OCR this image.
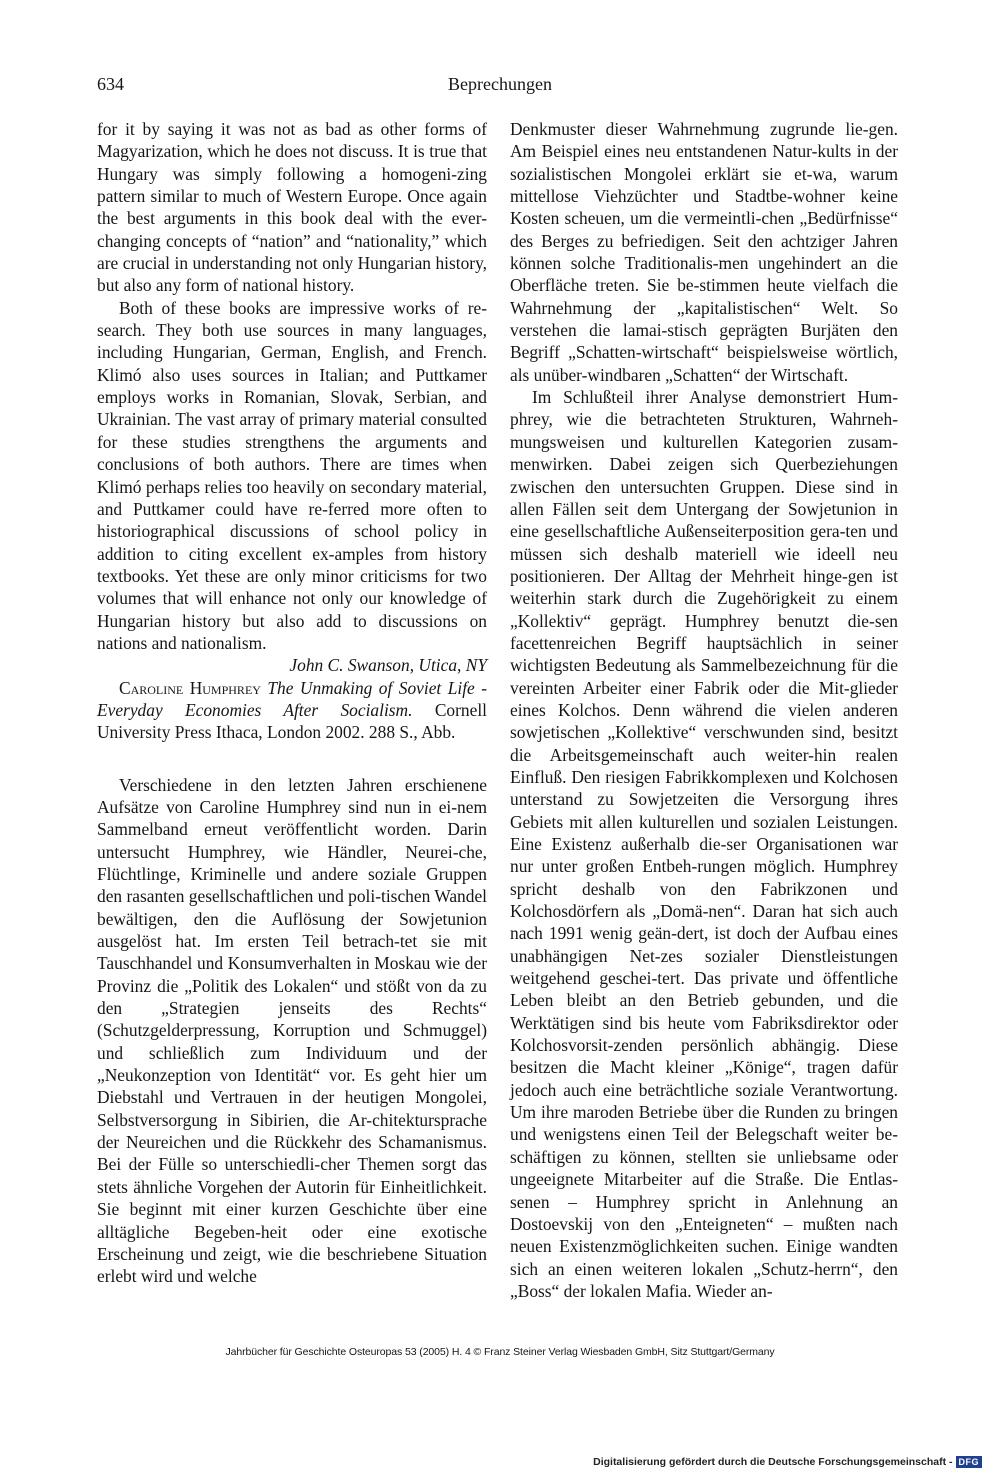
634	Beprechungen

for it by saying it was not as bad as other forms of Magyarization, which he does not discuss. It is true that Hungary was simply following a homogeni-zing pattern similar to much of Western Europe. Once again the best arguments in this book deal with the ever-changing concepts of “nation” and “nationality,” which are crucial in understanding not only Hungarian history, but also any form of national history.

Both of these books are impressive works of re-search. They both use sources in many languages, including Hungarian, German, English, and French. Klimó also uses sources in Italian; and Puttkamer employs works in Romanian, Slovak, Serbian, and Ukrainian. The vast array of primary material consulted for these studies strengthens the arguments and conclusions of both authors. There are times when Klimó perhaps relies too heavily on secondary material, and Puttkamer could have re-ferred more often to historiographical discussions of school policy in addition to citing excellent ex-amples from history textbooks. Yet these are only minor criticisms for two volumes that will enhance not only our knowledge of Hungarian history but also add to discussions on nations and nationalism.

John C. Swanson, Utica, NY

Caroline Humphrey The Unmaking of Soviet Life - Everyday Economies After Socialism. Cornell University Press Ithaca, London 2002. 288 S., Abb.

Verschiedene in den letzten Jahren erschienene Aufsätze von Caroline Humphrey sind nun in ei-nem Sammelband erneut veröffentlicht worden. Darin untersucht Humphrey, wie Händler, Neurei-che, Flüchtlinge, Kriminelle und andere soziale Gruppen den rasanten gesellschaftlichen und poli-tischen Wandel bewältigen, den die Auflösung der Sowjetunion ausgelöst hat. Im ersten Teil betrach-tet sie mit Tauschhandel und Konsumverhalten in Moskau wie der Provinz die „Politik des Lokalen“ und stößt von da zu den „Strategien jenseits des Rechts“ (Schutzgelderpressung, Korruption und Schmuggel) und schließlich zum Individuum und der „Neukonzeption von Identität“ vor. Es geht hier um Diebstahl und Vertrauen in der heutigen Mongolei, Selbstversorgung in Sibirien, die Ar-chitektursprache der Neureichen und die Rückkehr des Schamanismus. Bei der Fülle so unterschiedli-cher Themen sorgt das stets ähnliche Vorgehen der Autorin für Einheitlichkeit. Sie beginnt mit einer kurzen Geschichte über eine alltägliche Begeben-heit oder eine exotische Erscheinung und zeigt, wie die beschriebene Situation erlebt wird und welche

Denkmuster dieser Wahrnehmung zugrunde lie-gen. Am Beispiel eines neu entstandenen Natur-kults in der sozialistischen Mongolei erklärt sie et-wa, warum mittellose Viehzüchter und Stadtbe-wohner keine Kosten scheuen, um die vermeintli-chen „Bedürfnisse“ des Berges zu befriedigen. Seit den achtziger Jahren können solche Traditionalis-men ungehindert an die Oberfläche treten. Sie be-stimmen heute vielfach die Wahrnehmung der „kapitalistischen“ Welt. So verstehen die lamai-stisch geprägten Burjäten den Begriff „Schatten-wirtschaft“ beispielsweise wörtlich, als unüber-windbaren „Schatten“ der Wirtschaft.

Im Schlußteil ihrer Analyse demonstriert Hum-phrey, wie die betrachteten Strukturen, Wahrneh-mungsweisen und kulturellen Kategorien zusam-menwirken. Dabei zeigen sich Querbeziehungen zwischen den untersuchten Gruppen. Diese sind in allen Fällen seit dem Untergang der Sowjetunion in eine gesellschaftliche Außenseiterposition gera-ten und müssen sich deshalb materiell wie ideell neu positionieren. Der Alltag der Mehrheit hinge-gen ist weiterhin stark durch die Zugehörigkeit zu einem „Kollektiv“ geprägt. Humphrey benutzt die-sen facettenreichen Begriff hauptsächlich in seiner wichtigsten Bedeutung als Sammelbezeichnung für die vereinten Arbeiter einer Fabrik oder die Mit-glieder eines Kolchos. Denn während die vielen anderen sowjetischen „Kollektive“ verschwunden sind, besitzt die Arbeitsgemeinschaft auch weiter-hin realen Einfluß. Den riesigen Fabrikkomplexen und Kolchosen unterstand zu Sowjetzeiten die Versorgung ihres Gebiets mit allen kulturellen und sozialen Leistungen. Eine Existenz außerhalb die-ser Organisationen war nur unter großen Entbeh-rungen möglich. Humphrey spricht deshalb von den Fabrikzonen und Kolchosdörfern als „Domä-nen“. Daran hat sich auch nach 1991 wenig geän-dert, ist doch der Aufbau eines unabhängigen Net-zes sozialer Dienstleistungen weitgehend geschei-tert. Das private und öffentliche Leben bleibt an den Betrieb gebunden, und die Werktätigen sind bis heute vom Fabriksdirektor oder Kolchosvorsit-zenden persönlich abhängig. Diese besitzen die Macht kleiner „Könige“, tragen dafür jedoch auch eine beträchtliche soziale Verantwortung. Um ihre maroden Betriebe über die Runden zu bringen und wenigstens einen Teil der Belegschaft weiter be-schäftigen zu können, stellten sie unliebsame oder ungeeignete Mitarbeiter auf die Straße. Die Entlas-senen – Humphrey spricht in Anlehnung an Dostoevskij von den „Enteigneten“ – mußten nach neuen Existenzmöglichkeiten suchen. Einige wandten sich an einen weiteren lokalen „Schutz-herrn“, den „Boss“ der lokalen Mafia. Wieder an-

Jahrbücher für Geschichte Osteuropas 53 (2005) H. 4 © Franz Steiner Verlag Wiesbaden GmbH, Sitz Stuttgart/Germany
Digitalisierung gefördert durch die Deutsche Forschungsgemeinschaft - DFG
